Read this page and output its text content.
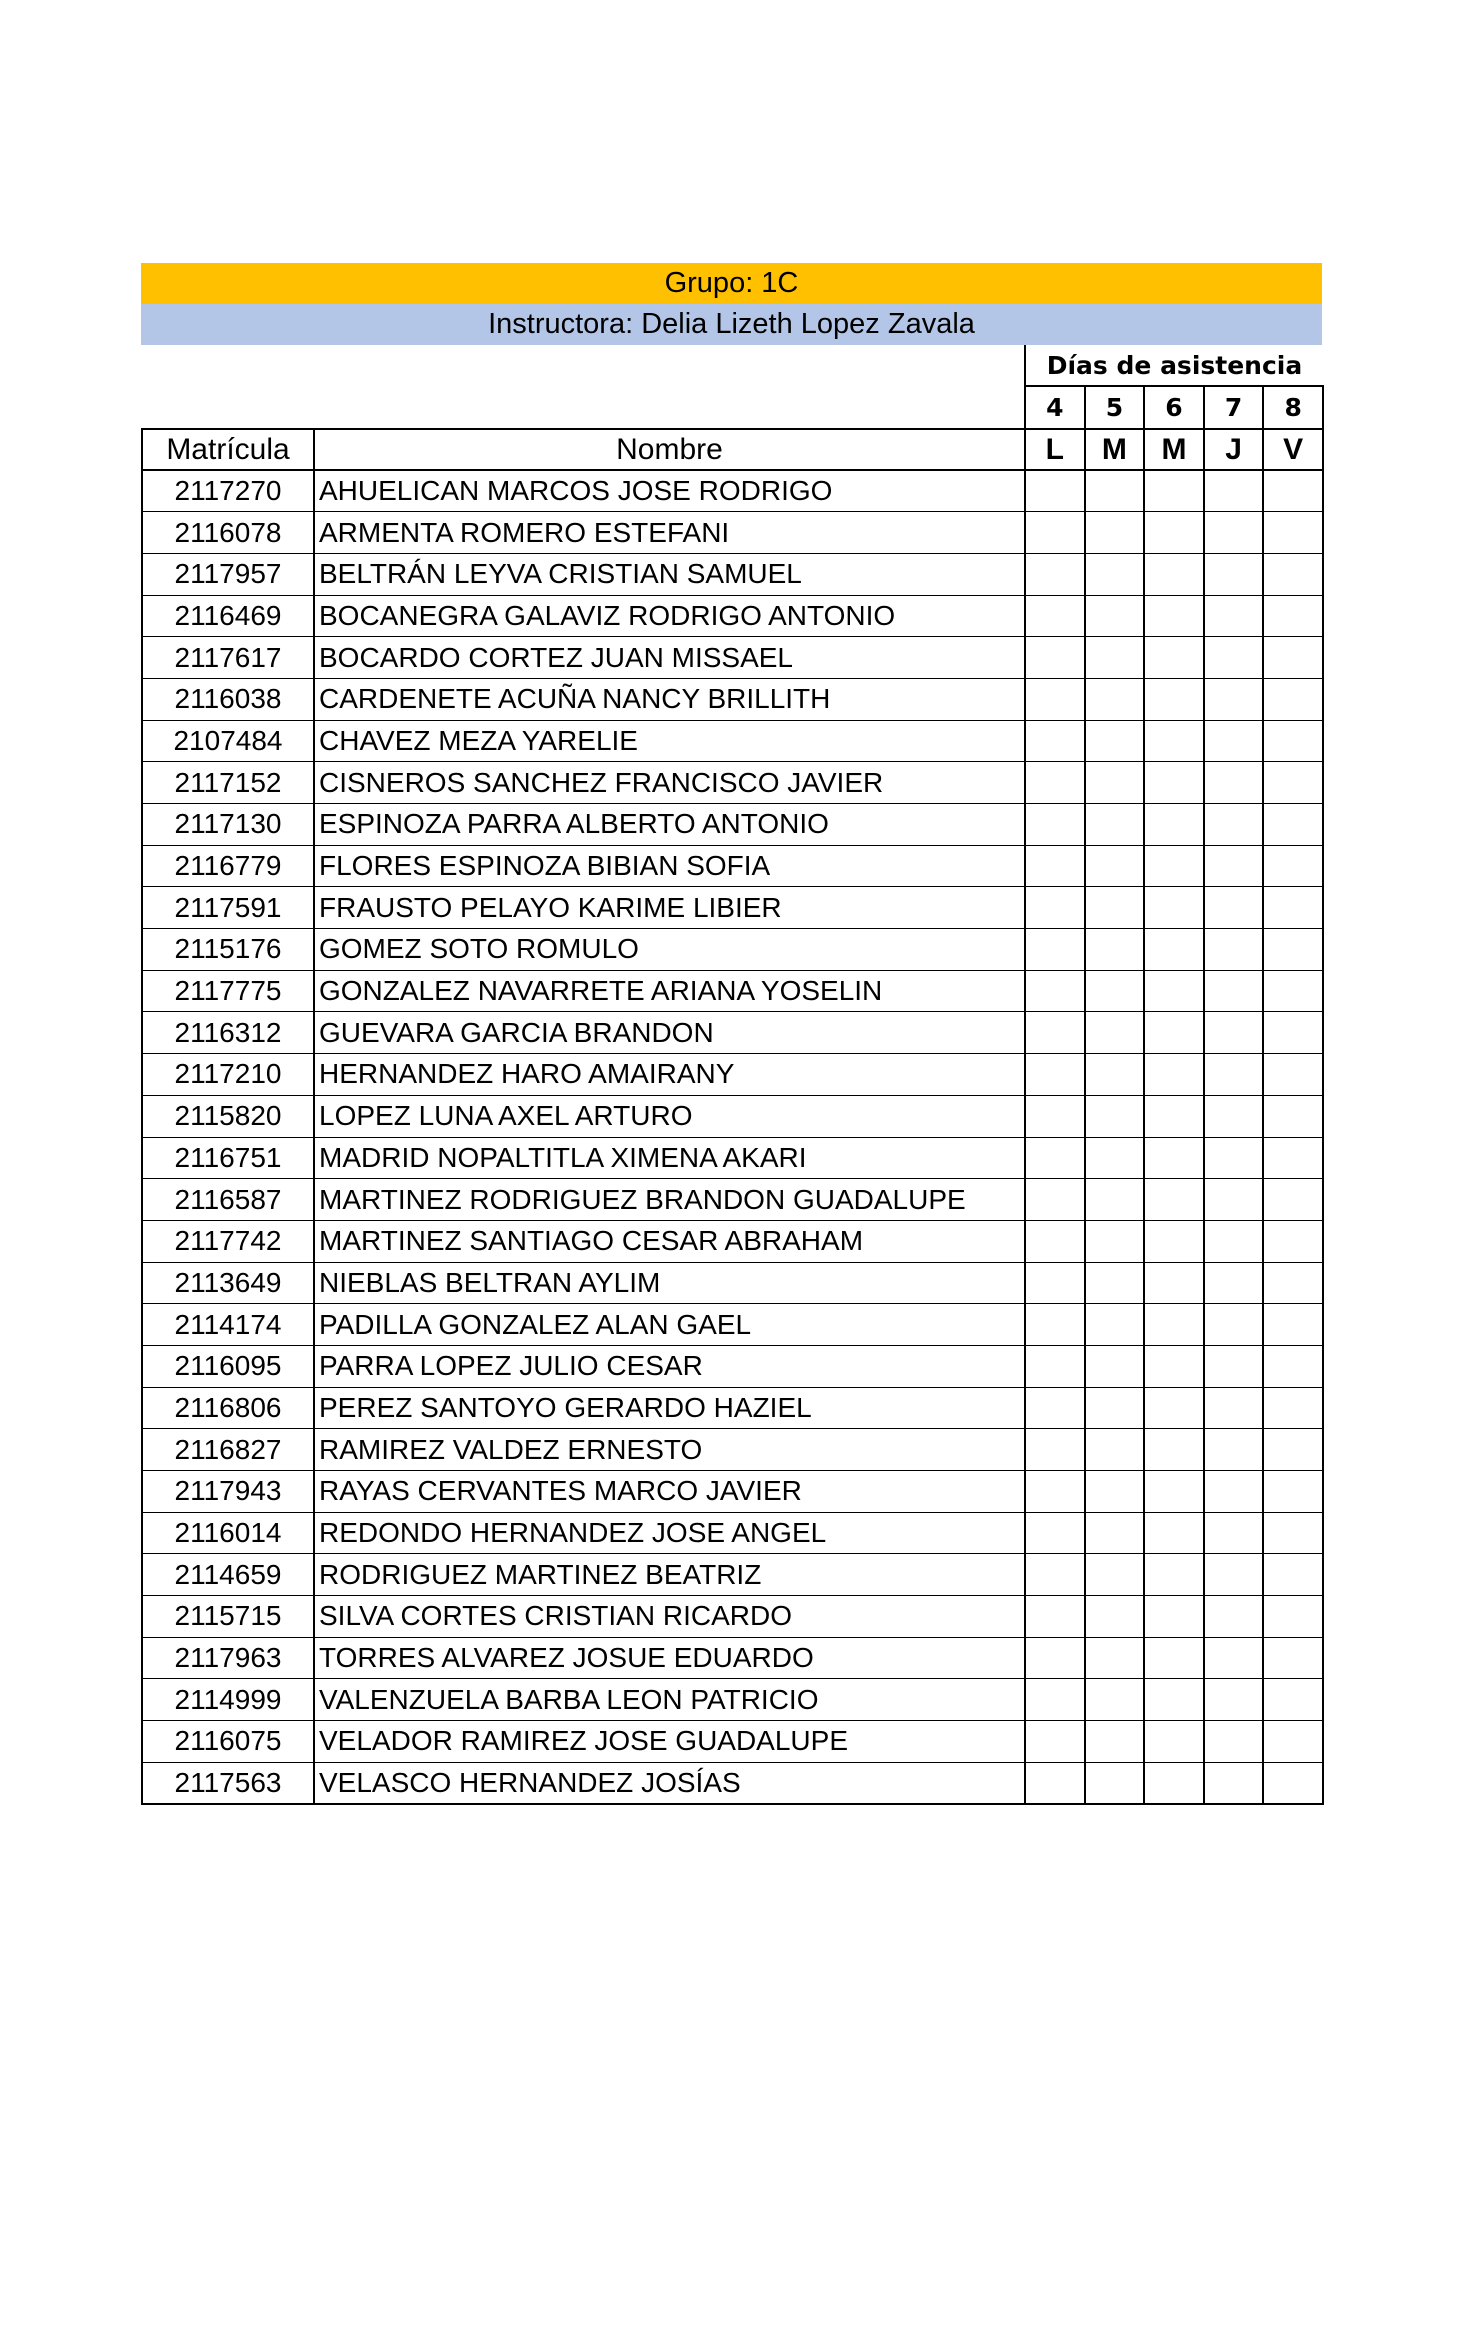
Grupo: 1C
Instructora: Delia Lizeth Lopez Zavala
		Días de asistencia				
		4	5	6	7	8
Matrícula	Nombre	L	M	M	J	V
2117270	AHUELICAN MARCOS JOSE RODRIGO					
2116078	ARMENTA ROMERO ESTEFANI					
2117957	BELTRÁN LEYVA CRISTIAN SAMUEL					
2116469	BOCANEGRA GALAVIZ RODRIGO ANTONIO					
2117617	BOCARDO CORTEZ JUAN MISSAEL					
2116038	CARDENETE ACUÑA NANCY BRILLITH					
2107484	CHAVEZ MEZA YARELIE					
2117152	CISNEROS SANCHEZ FRANCISCO JAVIER					
2117130	ESPINOZA PARRA ALBERTO ANTONIO					
2116779	FLORES ESPINOZA BIBIAN SOFIA					
2117591	FRAUSTO PELAYO KARIME LIBIER					
2115176	GOMEZ SOTO ROMULO					
2117775	GONZALEZ NAVARRETE ARIANA YOSELIN					
2116312	GUEVARA GARCIA BRANDON					
2117210	HERNANDEZ HARO AMAIRANY					
2115820	LOPEZ LUNA AXEL ARTURO					
2116751	MADRID NOPALTITLA XIMENA AKARI					
2116587	MARTINEZ RODRIGUEZ BRANDON GUADALUPE					
2117742	MARTINEZ SANTIAGO CESAR ABRAHAM					
2113649	NIEBLAS BELTRAN AYLIM					
2114174	PADILLA GONZALEZ ALAN GAEL					
2116095	PARRA LOPEZ JULIO CESAR					
2116806	PEREZ SANTOYO GERARDO HAZIEL					
2116827	RAMIREZ VALDEZ ERNESTO					
2117943	RAYAS CERVANTES MARCO JAVIER					
2116014	REDONDO HERNANDEZ JOSE ANGEL					
2114659	RODRIGUEZ MARTINEZ BEATRIZ					
2115715	SILVA CORTES CRISTIAN RICARDO					
2117963	TORRES ALVAREZ JOSUE EDUARDO					
2114999	VALENZUELA BARBA LEON PATRICIO					
2116075	VELADOR RAMIREZ JOSE GUADALUPE					
2117563	VELASCO HERNANDEZ JOSÍAS					
